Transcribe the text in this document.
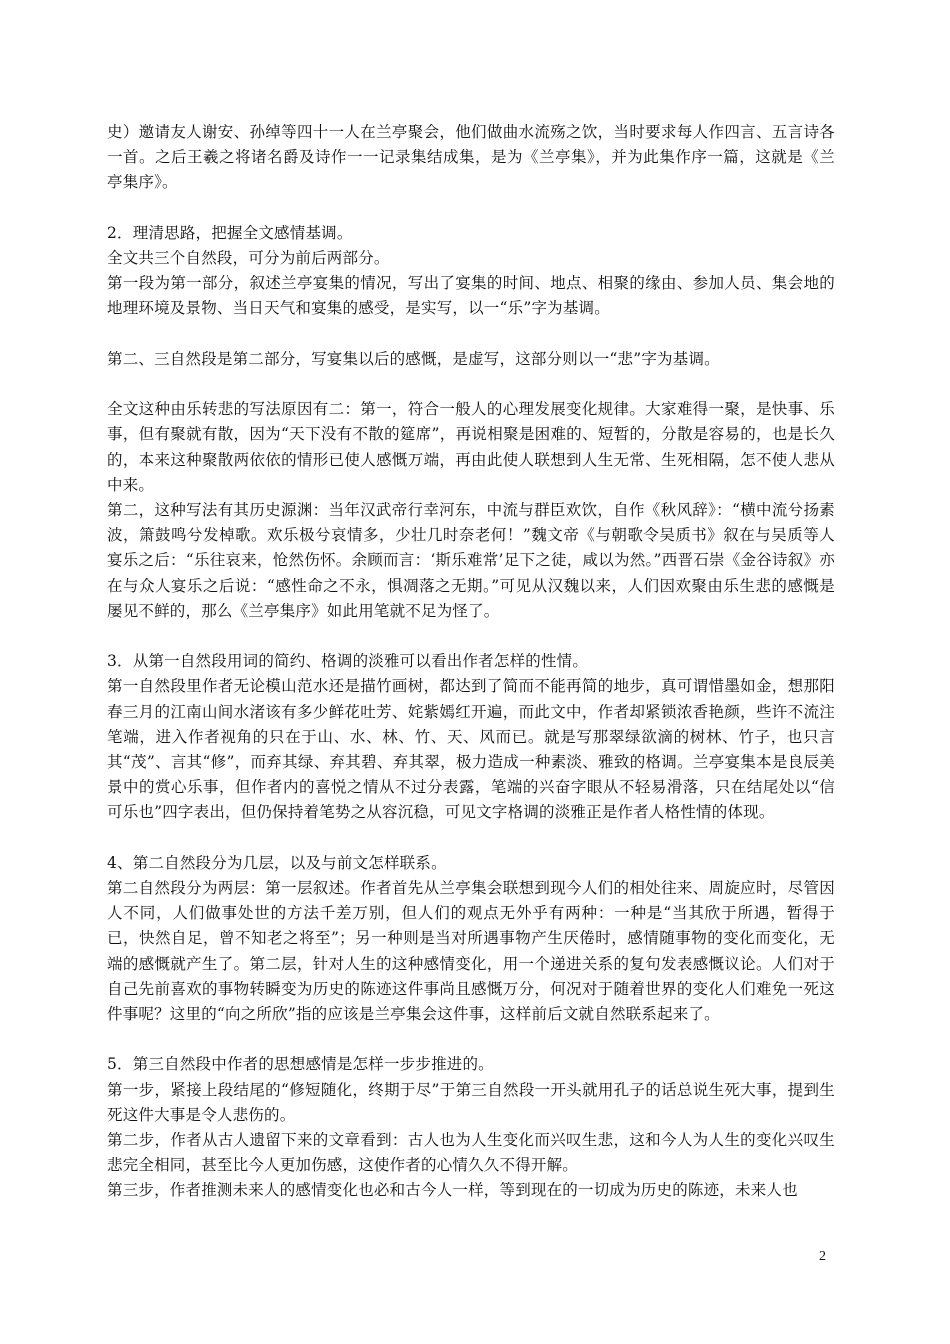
史）邀请友人谢安、孙绰等四十一人在兰亭聚会，他们做曲水流殇之饮，当时要求每人作四言、五言诗各一首。之后王羲之将诸名爵及诗作一一记录集结成集，是为《兰亭集》，并为此集作序一篇，这就是《兰亭集序》。

2．理清思路，把握全文感情基调。

全文共三个自然段，可分为前后两部分。

第一段为第一部分，叙述兰亭宴集的情况，写出了宴集的时间、地点、相聚的缘由、参加人员、集会地的地理环境及景物、当日天气和宴集的感受，是实写，以一“乐”字为基调。

第二、三自然段是第二部分，写宴集以后的感慨，是虚写，这部分则以一“悲”字为基调。

全文这种由乐转悲的写法原因有二：第一，符合一般人的心理发展变化规律。大家难得一聚，是快事、乐事，但有聚就有散，因为“天下没有不散的筵席”，再说相聚是困难的、短暂的，分散是容易的，也是长久的，本来这种聚散两依依的情形已使人感慨万端，再由此使人联想到人生无常、生死相隔，怎不使人悲从中来。

第二，这种写法有其历史源渊：当年汉武帝行幸河东，中流与群臣欢饮，自作《秋风辞》：“横中流兮扬素波，箫鼓鸣兮发棹歌。欢乐极兮哀情多，少壮几时奈老何！”魏文帝《与朝歌令吴质书》叙在与吴质等人宴乐之后：“乐往哀来，怆然伤怀。余顾而言：‘斯乐难常’足下之徒，咸以为然。”西晋石崇《金谷诗叙》亦在与众人宴乐之后说：“感性命之不永，惧凋落之无期。”可见从汉魏以来，人们因欢聚由乐生悲的感慨是屡见不鲜的，那么《兰亭集序》如此用笔就不足为怪了。

3．从第一自然段用词的简约、格调的淡雅可以看出作者怎样的性情。

第一自然段里作者无论模山范水还是描竹画树，都达到了简而不能再简的地步，真可谓惜墨如金，想那阳春三月的江南山间水渚该有多少鲜花吐芳、姹紫嫣红开遍，而此文中，作者却紧锁浓香艳颜，些许不流注笔端，进入作者视角的只在于山、水、林、竹、天、风而已。就是写那翠绿欲滴的树林、竹子，也只言其“茂”、言其“修”，而弃其绿、弃其碧、弃其翠，极力造成一种素淡、雅致的格调。兰亭宴集本是良辰美景中的赏心乐事，但作者内的喜悦之情从不过分表露，笔端的兴奋字眼从不轻易滑落，只在结尾处以“信可乐也”四字表出，但仍保持着笔势之从容沉稳，可见文字格调的淡雅正是作者人格性情的体现。

4、第二自然段分为几层，以及与前文怎样联系。

第二自然段分为两层：第一层叙述。作者首先从兰亭集会联想到现今人们的相处往来、周旋应时，尽管因人不同，人们做事处世的方法千差万别，但人们的观点无外乎有两种：一种是“当其欣于所遇，暂得于已，快然自足，曾不知老之将至”；另一种则是当对所遇事物产生厌倦时，感情随事物的变化而变化，无端的感慨就产生了。第二层，针对人生的这种感情变化，用一个递进关系的复句发表感慨议论。人们对于自己先前喜欢的事物转瞬变为历史的陈迹这件事尚且感慨万分，何况对于随着世界的变化人们难免一死这件事呢？这里的“向之所欣”指的应该是兰亭集会这件事，这样前后文就自然联系起来了。

5．第三自然段中作者的思想感情是怎样一步步推进的。

第一步，紧接上段结尾的“修短随化，终期于尽”于第三自然段一开头就用孔子的话总说生死大事，提到生死这件大事是令人悲伤的。

第二步，作者从古人遗留下来的文章看到：古人也为人生变化而兴叹生悲，这和今人为人生的变化兴叹生悲完全相同，甚至比今人更加伤感，这使作者的心情久久不得开解。

第三步，作者推测未来人的感情变化也必和古今人一样，等到现在的一切成为历史的陈迹，未来人也

2
